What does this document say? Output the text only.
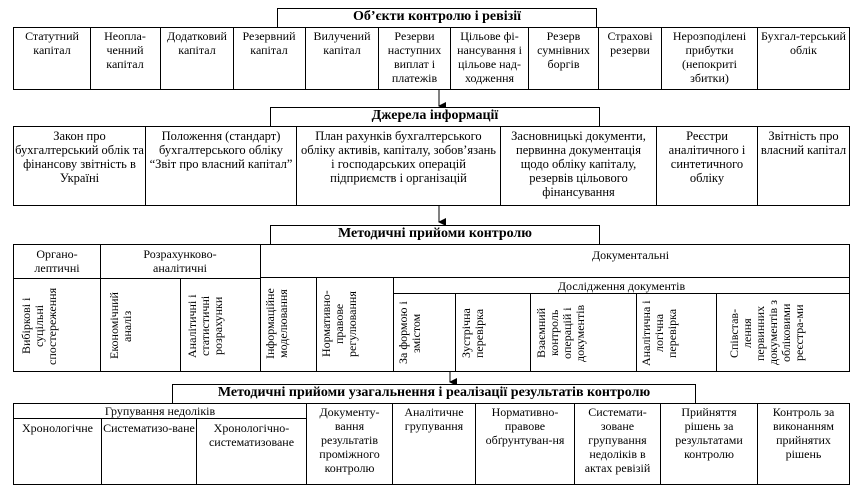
Об’єкти контролю і ревізії
Статутний капітал
Неопла-ченний капітал
Додатковий капітал
Резервний капітал
Вилучений капітал
Резерви наступних виплат і платежів
Цільове фі-нансування і цільове над-ходження
Резерв сумнівних боргів
Страхові резерви
Нерозподілені прибутки (непокриті збитки)
Бухгал-терський облік
Джерела інформації
Закон про бухгалтерський облік та фінансову звітність в Україні
Положення (стандарт) бухгалтерського обліку “Звіт про власний капітал”
План рахунків бухгалтерського обліку активів, капіталу, зобов’язань і господарських операцій підприємств і організацій
Засновницькі документи, первинна документація щодо обліку капіталу, резервів цільового фінансування
Реєстри аналітичного і синтетичного обліку
Звітність про власний капітал
Методичні прийоми контролю
Органо-лептичні
Розрахунково-аналітичні
Документальні
Дослідження документів
Вибіркові і суцільні спостереження	Економічний аналіз	Аналітичні і статистичні розрахунки	Інформаційне моделювання	Нормативно-правове регулювання	За формою і змістом	Зустрічна перевірка	Взаємний контроль операцій і документів	Аналітична і логічна перевірка	Співстав-лення первинних документів з обліковими реєстра-ми
Методичні прийоми узагальнення і реалізації результатів контролю
Групування недоліків
Хронологічне Систематизо-ване	Хронологічно-систематизоване
Документу-вання результатів проміжного контролю
Аналітичне групування
Нормативно-правове обґрунтуван-ня
Системати-зоване групування недоліків в актах ревізій
Прийняття рішень за результатами контролю
Контроль за виконанням прийнятих рішень
